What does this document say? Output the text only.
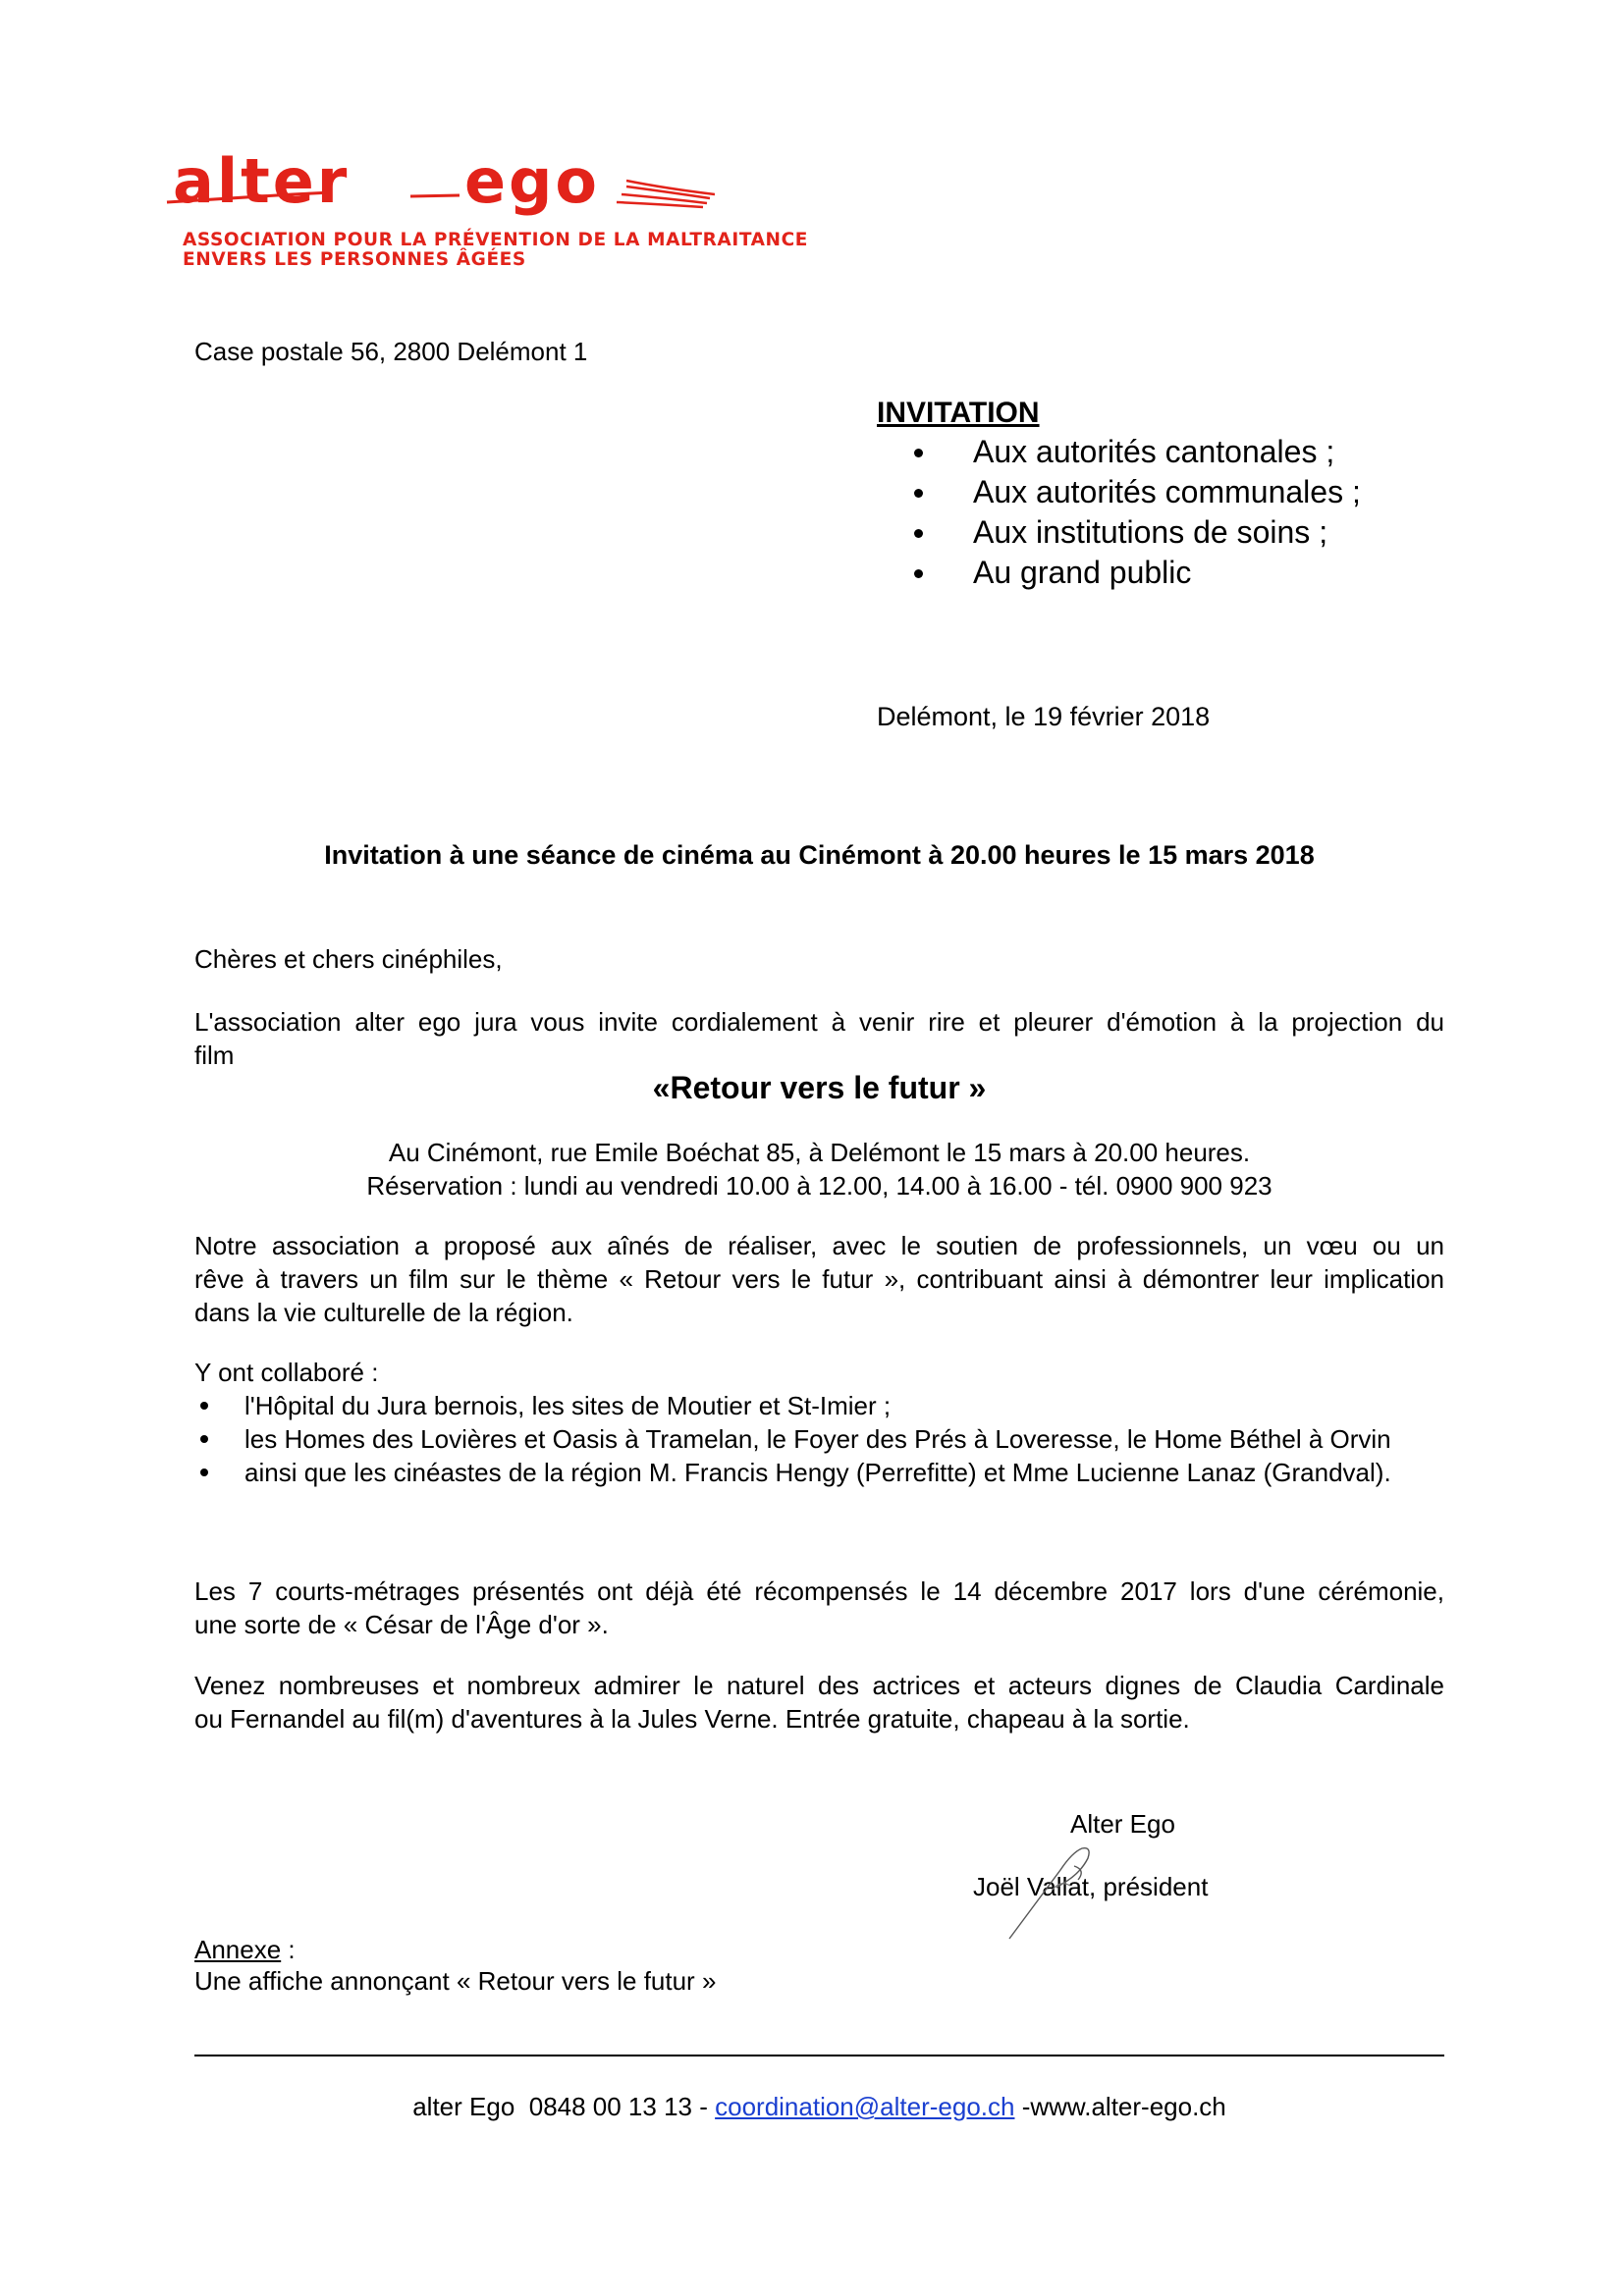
alter ego
ASSOCIATION POUR LA PRÉVENTION DE LA MALTRAITANCE
ENVERS LES PERSONNES ÂGÉES
Case postale 56, 2800 Delémont 1
INVITATION
Aux autorités cantonales ;
Aux autorités communales ;
Aux institutions de soins ;
Au grand public
Delémont, le 19 février 2018
Invitation à une séance de cinéma au Cinémont à 20.00 heures le 15 mars 2018
Chères et chers cinéphiles,
L'association alter ego jura vous invite cordialement à venir rire et pleurer d'émotion à la projection du
film
«Retour vers le futur »
Au Cinémont, rue Emile Boéchat 85, à Delémont le 15 mars à 20.00 heures.
Réservation : lundi au vendredi 10.00 à 12.00, 14.00 à 16.00 - tél. 0900 900 923
Notre association a proposé aux aînés de réaliser, avec le soutien de professionnels, un vœu ou un
rêve à travers un film sur le thème « Retour vers le futur », contribuant ainsi à démontrer leur implication
dans la vie culturelle de la région.
Y ont collaboré :
l'Hôpital du Jura bernois, les sites de Moutier et St-Imier ;
les Homes des Lovières et Oasis à Tramelan, le Foyer des Prés à Loveresse, le Home Béthel à Orvin
ainsi que les cinéastes de la région M. Francis Hengy (Perrefitte) et Mme Lucienne Lanaz (Grandval).
Les 7 courts-métrages présentés ont déjà été récompensés le 14 décembre 2017 lors d'une cérémonie,
une sorte de « César de l'Âge d'or ».
Venez nombreuses et nombreux admirer le naturel des actrices et acteurs dignes de Claudia Cardinale
ou Fernandel au fil(m) d'aventures à la Jules Verne. Entrée gratuite, chapeau à la sortie.
Alter Ego
Joël Vallat, président
Annexe :
Une affiche annonçant « Retour vers le futur »
alter Ego  0848 00 13 13 - coordination@alter-ego.ch -www.alter-ego.ch
